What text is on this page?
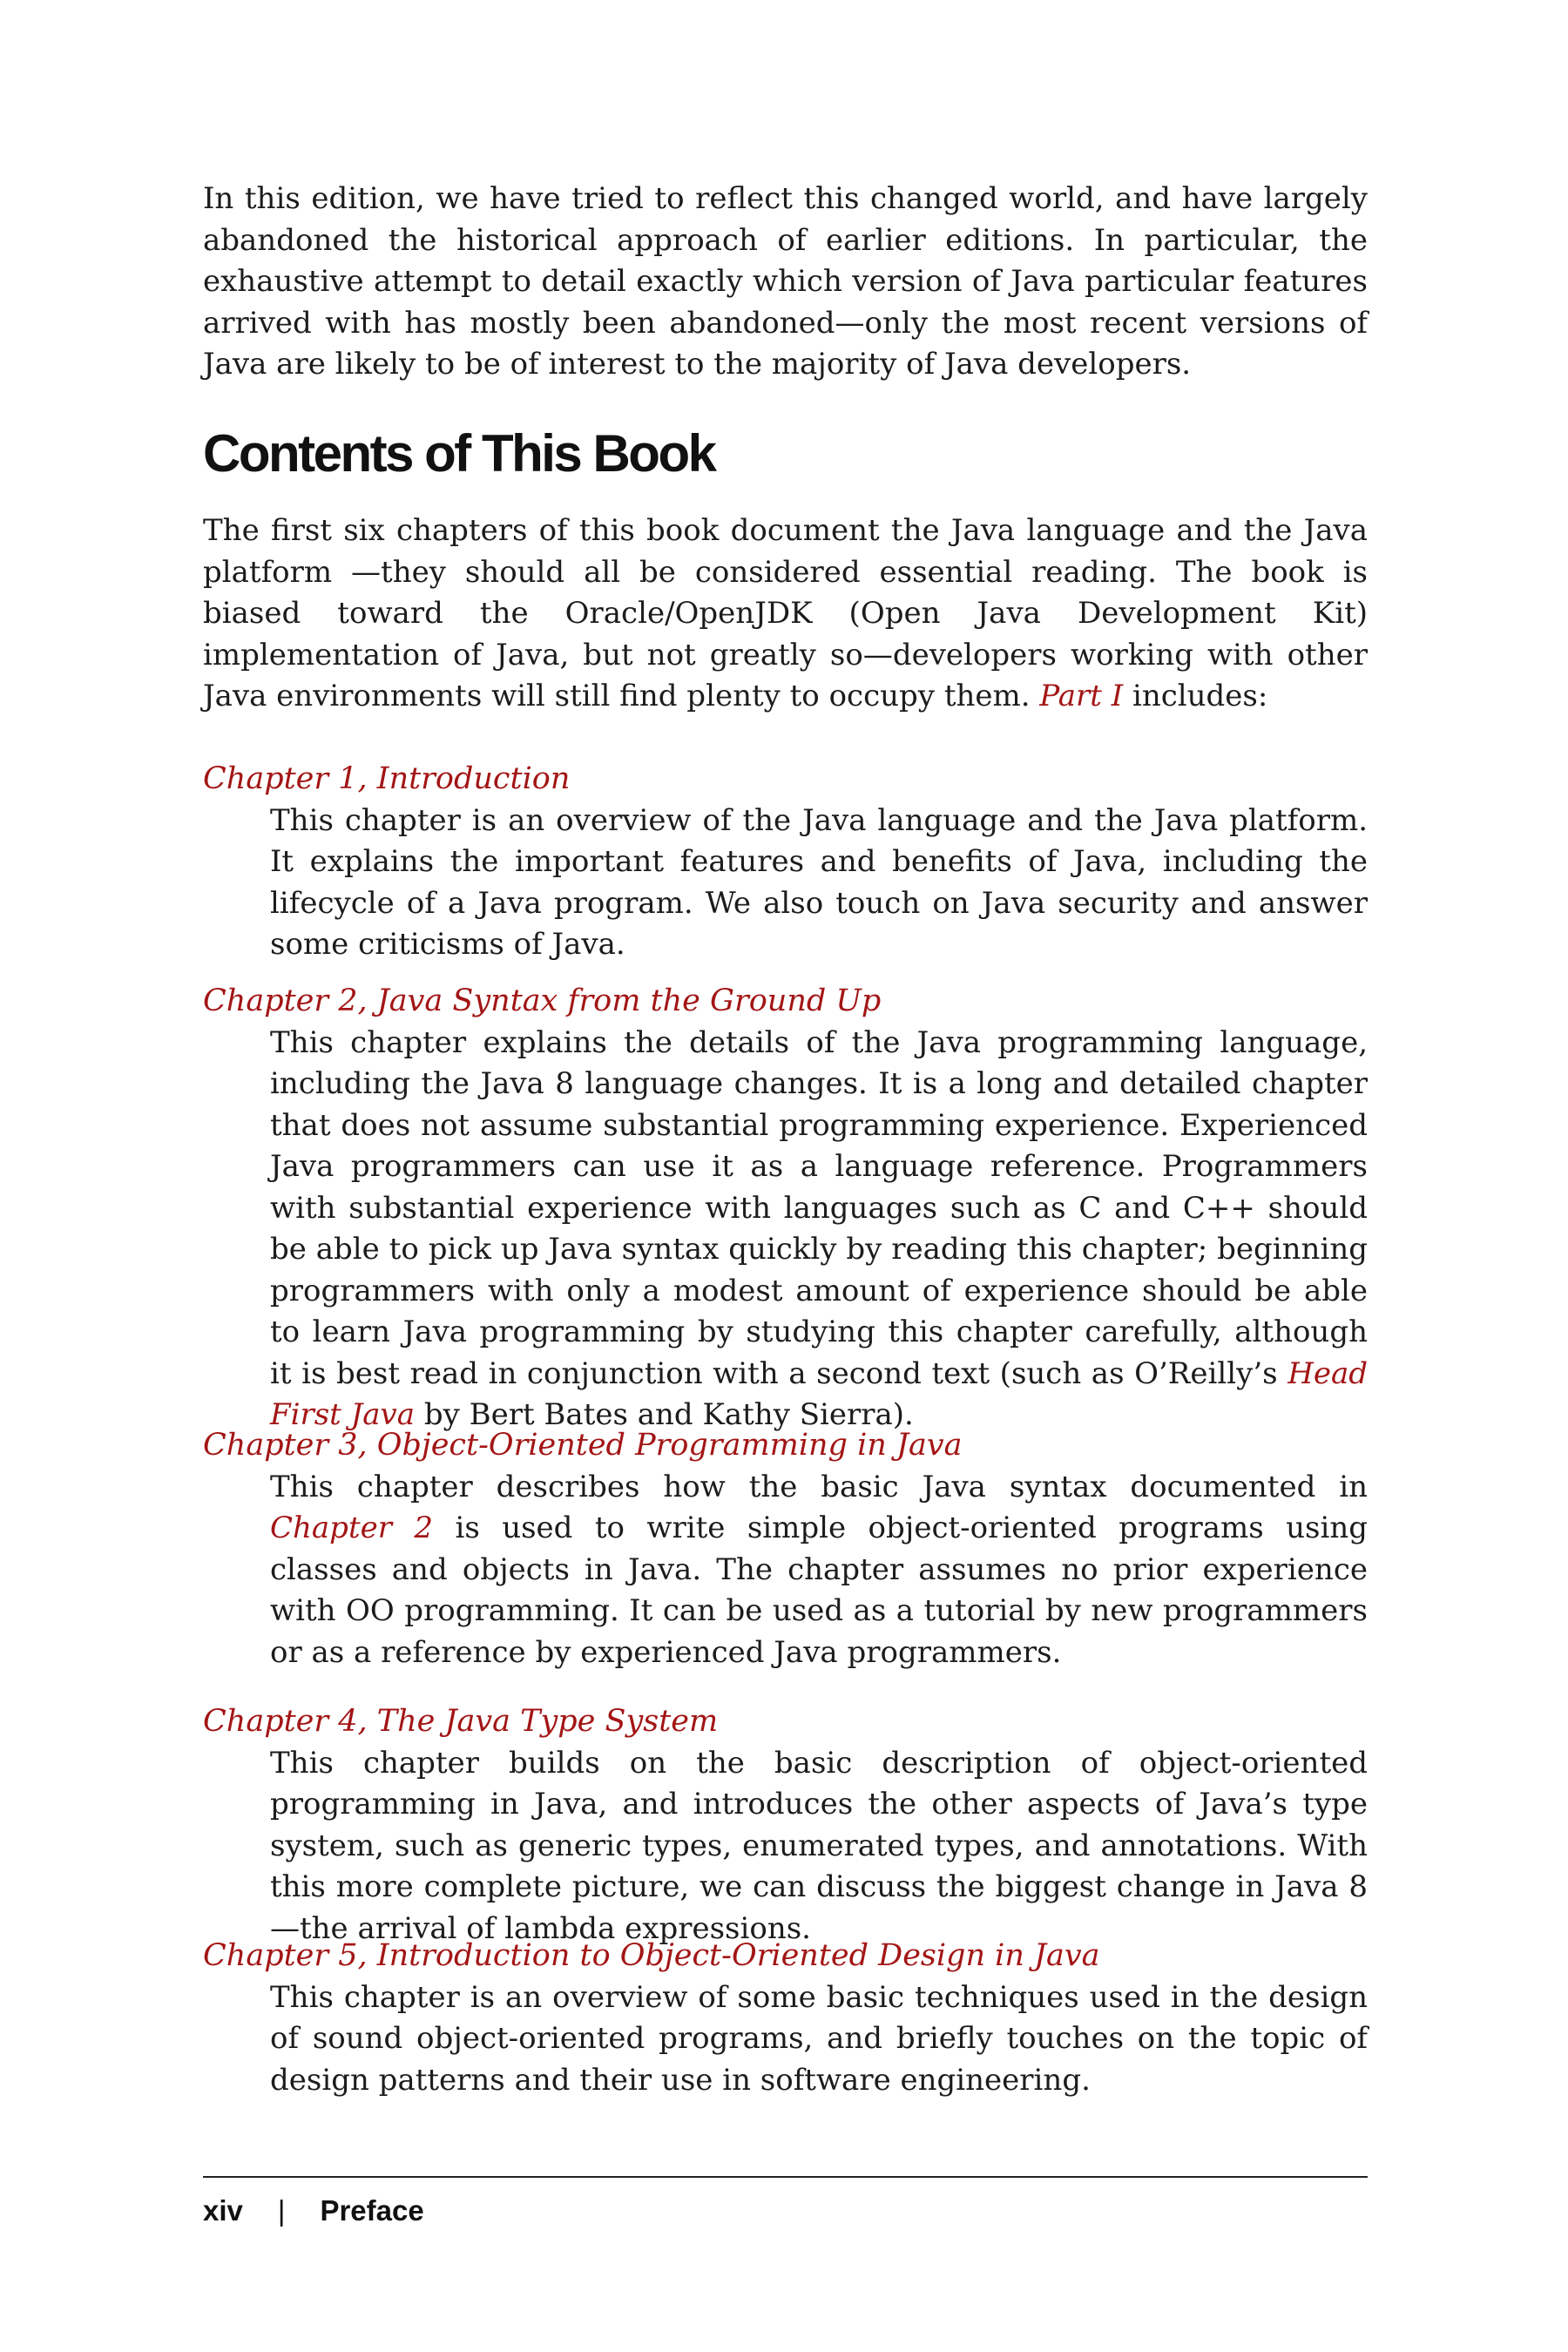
In this edition, we have tried to reflect this changed world, and have largely abandoned the historical approach of earlier editions. In particular, the exhaustive attempt to detail exactly which version of Java particular features arrived with has mostly been abandoned—only the most recent versions of Java are likely to be of interest to the majority of Java developers.

Contents of This Book

The first six chapters of this book document the Java language and the Java platform —they should all be considered essential reading. The book is biased toward the Oracle/OpenJDK (Open Java Development Kit) implementation of Java, but not greatly so—developers working with other Java environments will still find plenty to occupy them. Part I includes:

Chapter 1, Introduction
This chapter is an overview of the Java language and the Java platform. It explains the important features and benefits of Java, including the lifecycle of a Java program. We also touch on Java security and answer some criticisms of Java.
Chapter 2, Java Syntax from the Ground Up
This chapter explains the details of the Java programming language, including the Java 8 language changes. It is a long and detailed chapter that does not assume substantial programming experience. Experienced Java programmers can use it as a language reference. Programmers with substantial experience with languages such as C and C++ should be able to pick up Java syntax quickly by reading this chapter; beginning programmers with only a modest amount of experience should be able to learn Java programming by studying this chapter carefully, although it is best read in conjunction with a second text (such as O’Reilly’s Head First Java by Bert Bates and Kathy Sierra).
Chapter 3, Object-Oriented Programming in Java
This chapter describes how the basic Java syntax documented in Chapter 2 is used to write simple object-oriented programs using classes and objects in Java. The chapter assumes no prior experience with OO programming. It can be used as a tutorial by new programmers or as a reference by experienced Java programmers.
Chapter 4, The Java Type System
This chapter builds on the basic description of object-oriented programming in Java, and introduces the other aspects of Java’s type system, such as generic types, enumerated types, and annotations. With this more complete picture, we can discuss the biggest change in Java 8—the arrival of lambda expressions.
Chapter 5, Introduction to Object-Oriented Design in Java
This chapter is an overview of some basic techniques used in the design of sound object-oriented programs, and briefly touches on the topic of design patterns and their use in software engineering.
xiv | Preface
